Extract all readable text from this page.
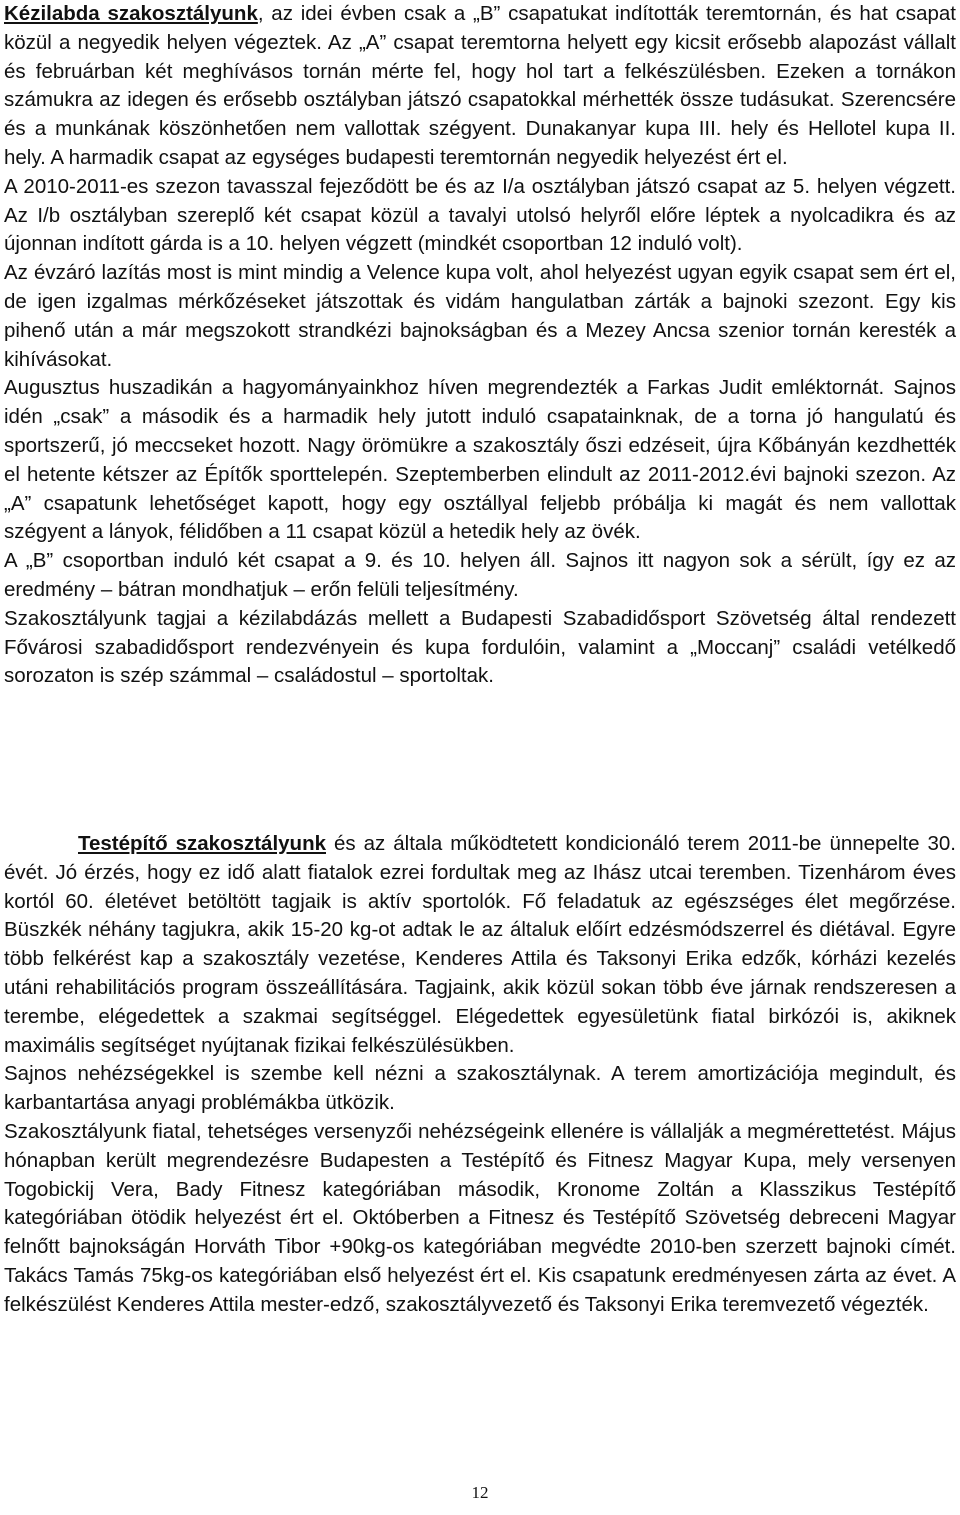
Kézilabda szakosztályunk, az idei évben csak a „B” csapatukat indították teremtornán, és hat csapat közül a negyedik helyen végeztek. Az „A” csapat teremtorna helyett egy kicsit erősebb alapozást vállalt és februárban két meghívásos tornán mérte fel, hogy hol tart a felkészülésben. Ezeken a tornákon számukra az idegen és erősebb osztályban játszó csapatokkal mérhették össze tudásukat. Szerencsére és a munkának köszönhetően nem vallottak szégyent. Dunakanyar kupa III. hely és Hellotel kupa II. hely. A harmadik csapat az egységes budapesti teremtornán negyedik helyezést ért el.

A 2010-2011-es szezon tavasszal fejeződött be és az I/a osztályban játszó csapat az 5. helyen végzett. Az I/b osztályban szereplő két csapat közül a tavalyi utolsó helyről előre léptek a nyolcadikra és az újonnan indított gárda is a 10. helyen végzett (mindkét csoportban 12 induló volt).

Az évzáró lazítás most is mint mindig a Velence kupa volt, ahol helyezést ugyan egyik csapat sem ért el, de igen izgalmas mérkőzéseket játszottak és vidám hangulatban zárták a bajnoki szezont. Egy kis pihenő után a már megszokott strandkézi bajnokságban és a Mezey Ancsa szenior tornán keresték a kihívásokat.

Augusztus huszadikán a hagyományainkhoz híven megrendezték a Farkas Judit emléktornát. Sajnos idén „csak” a második és a harmadik hely jutott induló csapatainknak, de a torna jó hangulatú és sportszerű, jó meccseket hozott. Nagy örömükre a szakosztály őszi edzéseit, újra Kőbányán kezdhették el hetente kétszer az Építők sporttelepén. Szeptemberben elindult az 2011-2012.évi bajnoki szezon. Az „A” csapatunk lehetőséget kapott, hogy egy osztállyal feljebb próbálja ki magát és nem vallottak szégyent a lányok, félidőben a 11 csapat közül a hetedik hely az övék.

A „B” csoportban induló két csapat a 9. és 10. helyen áll. Sajnos itt nagyon sok a sérült, így ez az eredmény – bátran mondhatjuk – erőn felüli teljesítmény.

Szakosztályunk tagjai a kézilabdázás mellett a Budapesti Szabadidősport Szövetség által rendezett Fővárosi szabadidősport rendezvényein és kupa fordulóin, valamint a „Moccanj” családi vetélkedő sorozaton is szép számmal – családostul – sportoltak.

Testépítő szakosztályunk és az általa működtetett kondicionáló terem 2011-be ünnepelte 30. évét. Jó érzés, hogy ez idő alatt fiatalok ezrei fordultak meg az Ihász utcai teremben. Tizenhárom éves kortól 60. életévet betöltött tagjaik is aktív sportolók. Fő feladatuk az egészséges élet megőrzése. Büszkék néhány tagjukra, akik 15-20 kg-ot adtak le az általuk előírt edzésmódszerrel és diétával. Egyre több felkérést kap a szakosztály vezetése, Kenderes Attila és Taksonyi Erika edzők, kórházi kezelés utáni rehabilitációs program összeállítására. Tagjaink, akik közül sokan több éve járnak rendszeresen a terembe, elégedettek a szakmai segítséggel. Elégedettek egyesületünk fiatal birkózói is, akiknek maximális segítséget nyújtanak fizikai felkészülésükben.

Sajnos nehézségekkel is szembe kell nézni a szakosztálynak. A terem amortizációja megindult, és karbantartása anyagi problémákba ütközik.

Szakosztályunk fiatal, tehetséges versenyzői nehézségeink ellenére is vállalják a megmérettetést. Május hónapban került megrendezésre Budapesten a Testépítő és Fitnesz Magyar Kupa, mely versenyen Togobickij Vera, Bady Fitnesz kategóriában második, Kronome Zoltán a Klasszikus Testépítő kategóriában ötödik helyezést ért el. Októberben a Fitnesz és Testépítő Szövetség debreceni Magyar felnőtt bajnokságán Horváth Tibor +90kg-os kategóriában megvédte 2010-ben szerzett bajnoki címét. Takács Tamás 75kg-os kategóriában első helyezést ért el. Kis csapatunk eredményesen zárta az évet. A felkészülést Kenderes Attila mester-edző, szakosztályvezető és Taksonyi Erika teremvezető végezték.

12
